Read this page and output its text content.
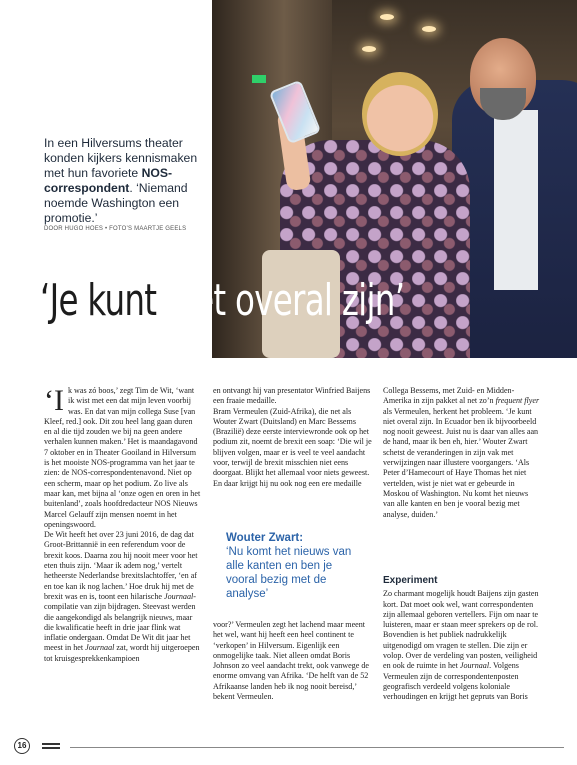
In een Hilversums theater konden kijkers kennismaken met hun favoriete NOS-correspondent. ‘Niemand noemde Washington een promotie.’
DOOR HUGO HOES • FOTO’S MAARTJE GEELS
‘Je kunt niet overal zijn’
‘I k was zó boos,’ zegt Tim de Wit, ‘want ik wist met een dat mijn leven voorbij was. En dat van mijn collega Suse [van Kleef, red.] ook. Dit zou heel lang gaan duren en al die tijd zouden we bij na geen andere verhalen kunnen maken.’ Het is maandagavond 7 oktober en in Theater Gooiland in Hilversum is het mooiste NOS-programma van het jaar te zien: de NOS-correspondentenavond. Niet op een scherm, maar op het podium. Zo live als maar kan, met bijna al ‘onze ogen en oren in het buitenland’, zoals hoofdredacteur NOS Nieuws Marcel Gelauff zijn mensen noemt in het openingswoord.

De Wit heeft het over 23 juni 2016, de dag dat Groot-Brittannië in een referendum voor de brexit koos. Daarna zou hij nooit meer voor het eten thuis zijn. ‘Maar ik adem nog,’ vertelt hetheerste Nederlandse brexitslachtoffer, ‘en af en toe kan ik nog lachen.’ Hoe druk hij met de brexit was en is, toont een hilarische Journaal-compilatie van zijn bijdragen. Steevast werden die aangekondigd als belangrijk nieuws, maar die kwalificatie heeft in drie jaar flink wat inflatie ondergaan. Omdat De Wit dit jaar het meest in het Journaal zat, wordt hij uitgeroepen tot kruisgesprekkenkampioen

en ontvangt hij van presentator Winfried Baijens een fraaie medaille.

Bram Vermeulen (Zuid-Afrika), die net als Wouter Zwart (Duitsland) en Marc Bessems (Brazilië) deze eerste interviewronde ook op het podium zit, noemt de brexit een soap: ‘Die wil je blijven volgen, maar er is veel te veel aandacht voor, terwijl de brexit misschien niet eens doorgaat. Blijkt het allemaal voor niets geweest. En daar krijgt hij nu ook nog een ere medaille

Wouter Zwart:
‘Nu komt het nieuws van alle kanten en ben je vooral bezig met de analyse’

voor?’ Vermeulen zegt het lachend maar meent het wel, want hij heeft een heel continent te ‘verkopen’ in Hilversum. Eigenlijk een onmogelijke taak. Niet alleen omdat Boris Johnson zo veel aandacht trekt, ook vanwege de enorme omvang van Afrika. ‘De helft van de 52 Afrikaanse landen heb ik nog nooit bereisd,’ bekent Vermeulen.

Collega Bessems, met Zuid- en Midden-Amerika in zijn pakket al net zo’n frequent flyer als Vermeulen, herkent het probleem. ‘Je kunt niet overal zijn. In Ecuador ben ik bijvoorbeeld nog nooit geweest. Juist nu is daar van alles aan de hand, maar ik ben eh, hier.’ Wouter Zwart schetst de veranderingen in zijn vak met verwijzingen naar illustere voorgangers. ‘Als Peter d’Hamecourt of Haye Thomas het niet vertelden, wist je niet wat er gebeurde in Moskou of Washington. Nu komt het nieuws van alle kanten en ben je vooral bezig met analyse, duiden.’

Experiment

Zo charmant mogelijk houdt Baijens zijn gasten kort. Dat moet ook wel, want correspondenten zijn allemaal geboren vertellers. Fijn om naar te luisteren, maar er staan meer sprekers op de rol. Bovendien is het publiek nadrukkelijk uitgenodigd om vragen te stellen. Die zijn er volop. Over de verdeling van posten, veiligheid en ook de ruimte in het Journaal. Volgens Vermeulen zijn de correspondentenposten geografisch verdeeld volgens koloniale verhoudingen en krijgt het gepruts van Boris

16
